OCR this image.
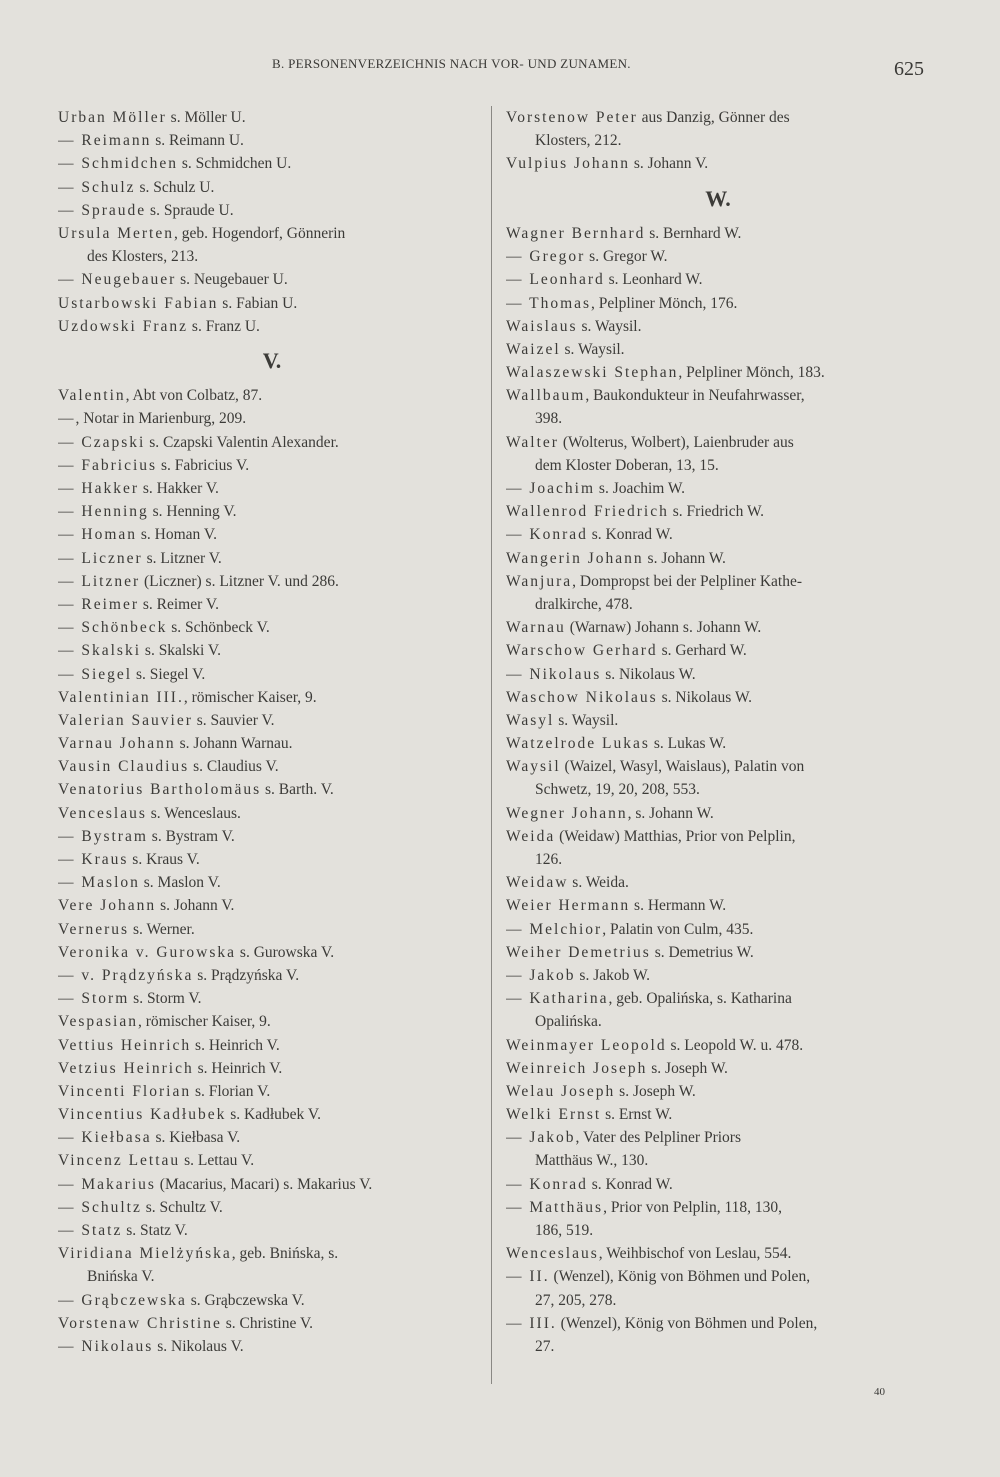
B. PERSONENVERZEICHNIS NACH VOR- UND ZUNAMEN.	625
Urban Möller s. Möller U.
— Reimann s. Reimann U.
— Schmidchen s. Schmidchen U.
— Schulz s. Schulz U.
— Spraude s. Spraude U.
Ursula Merten, geb. Hogendorf, Gönnerin
des Klosters, 213.
— Neugebauer s. Neugebauer U.
Ustarbowski Fabian s. Fabian U.
Uzdowski Franz s. Franz U.
V.
Valentin, Abt von Colbatz, 87.
—, Notar in Marienburg, 209.
— Czapski s. Czapski Valentin Alexander.
— Fabricius s. Fabricius V.
— Hakker s. Hakker V.
— Henning s. Henning V.
— Homan s. Homan V.
— Liczner s. Litzner V.
— Litzner (Liczner) s. Litzner V. und 286.
— Reimer s. Reimer V.
— Schönbeck s. Schönbeck V.
— Skalski s. Skalski V.
— Siegel s. Siegel V.
Valentinian III., römischer Kaiser, 9.
Valerian Sauvier s. Sauvier V.
Varnau Johann s. Johann Warnau.
Vausin Claudius s. Claudius V.
Venatorius Bartholomäus s. Barth. V.
Venceslaus s. Wenceslaus.
— Bystram s. Bystram V.
— Kraus s. Kraus V.
— Maslon s. Maslon V.
Vere Johann s. Johann V.
Vernerus s. Werner.
Veronika v. Gurowska s. Gurowska V.
— v. Prądzyńska s. Prądzyńska V.
— Storm s. Storm V.
Vespasian, römischer Kaiser, 9.
Vettius Heinrich s. Heinrich V.
Vetzius Heinrich s. Heinrich V.
Vincenti Florian s. Florian V.
Vincentius Kadłubek s. Kadłubek V.
— Kiełbasa s. Kiełbasa V.
Vincenz Lettau s. Lettau V.
— Makarius (Macarius, Macari) s. Makarius V.
— Schultz s. Schultz V.
— Statz s. Statz V.
Viridiana Mielżyńska, geb. Bnińska, s.
Bnińska V.
— Grąbczewska s. Grąbczewska V.
Vorstenaw Christine s. Christine V.
— Nikolaus s. Nikolaus V.
Vorstenow Peter aus Danzig, Gönner des
Klosters, 212.
Vulpius Johann s. Johann V.
W.
Wagner Bernhard s. Bernhard W.
— Gregor s. Gregor W.
— Leonhard s. Leonhard W.
— Thomas, Pelpliner Mönch, 176.
Waislaus s. Waysil.
Waizel s. Waysil.
Walaszewski Stephan, Pelpliner Mönch, 183.
Wallbaum, Baukondukteur in Neufahrwasser,
398.
Walter (Wolterus, Wolbert), Laienbruder aus
dem Kloster Doberan, 13, 15.
— Joachim s. Joachim W.
Wallenrod Friedrich s. Friedrich W.
— Konrad s. Konrad W.
Wangerin Johann s. Johann W.
Wanjura, Dompropst bei der Pelpliner Kathe-
dralkirche, 478.
Warnau (Warnaw) Johann s. Johann W.
Warschow Gerhard s. Gerhard W.
— Nikolaus s. Nikolaus W.
Waschow Nikolaus s. Nikolaus W.
Wasyl s. Waysil.
Watzelrode Lukas s. Lukas W.
Waysil (Waizel, Wasyl, Waislaus), Palatin von
Schwetz, 19, 20, 208, 553.
Wegner Johann, s. Johann W.
Weida (Weidaw) Matthias, Prior von Pelplin,
126.
Weidaw s. Weida.
Weier Hermann s. Hermann W.
— Melchior, Palatin von Culm, 435.
Weiher Demetrius s. Demetrius W.
— Jakob s. Jakob W.
— Katharina, geb. Opalińska, s. Katharina
Opalińska.
Weinmayer Leopold s. Leopold W. u. 478.
Weinreich Joseph s. Joseph W.
Welau Joseph s. Joseph W.
Welki Ernst s. Ernst W.
— Jakob, Vater des Pelpliner Priors
Matthäus W., 130.
— Konrad s. Konrad W.
— Matthäus, Prior von Pelplin, 118, 130,
186, 519.
Wenceslaus, Weihbischof von Leslau, 554.
— II. (Wenzel), König von Böhmen und Polen,
27, 205, 278.
— III. (Wenzel), König von Böhmen und Polen,
27.
40
